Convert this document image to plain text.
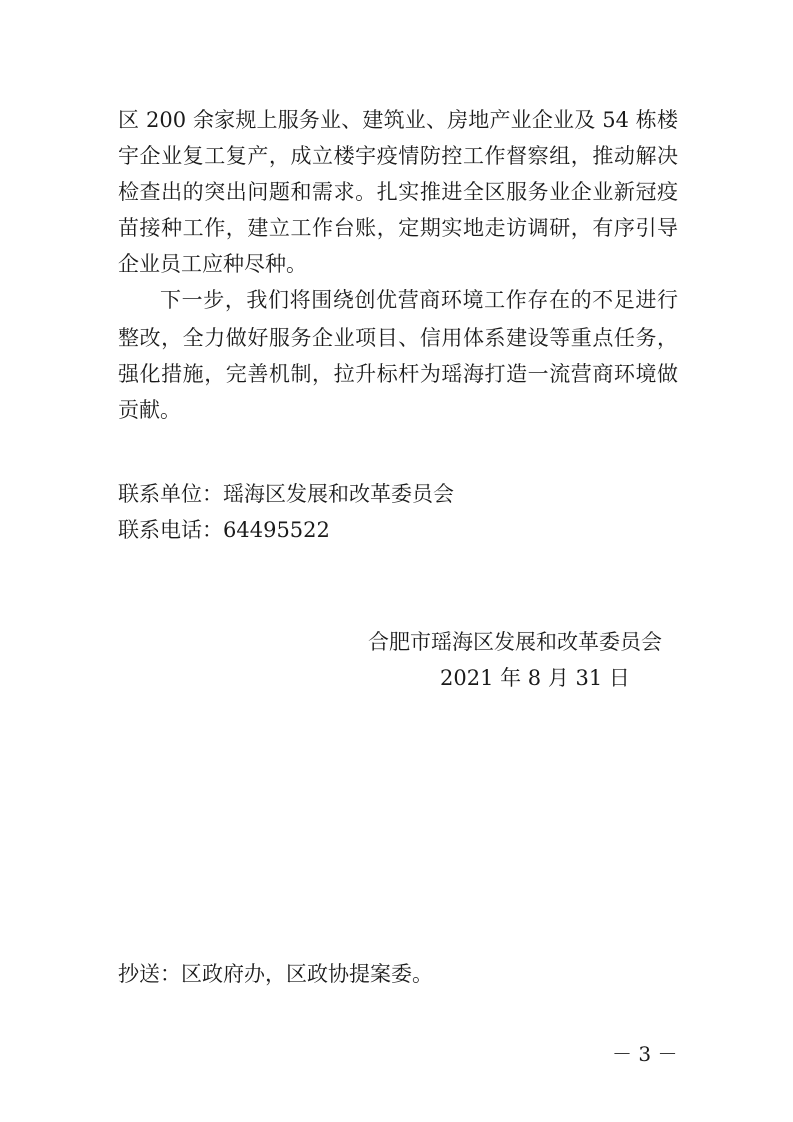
区 200 余家规上服务业、建筑业、房地产业企业及 54 栋楼
宇企业复工复产，成立楼宇疫情防控工作督察组，推动解决
检查出的突出问题和需求。扎实推进全区服务业企业新冠疫
苗接种工作，建立工作台账，定期实地走访调研，有序引导
企业员工应种尽种。
下一步，我们将围绕创优营商环境工作存在的不足进行
整改，全力做好服务企业项目、信用体系建设等重点任务，
强化措施，完善机制，拉升标杆为瑶海打造一流营商环境做
贡献。
联系单位：瑶海区发展和改革委员会
联系电话：64495522
合肥市瑶海区发展和改革委员会
2021 年 8 月 31 日
抄送：区政府办，区政协提案委。
－ 3 －
